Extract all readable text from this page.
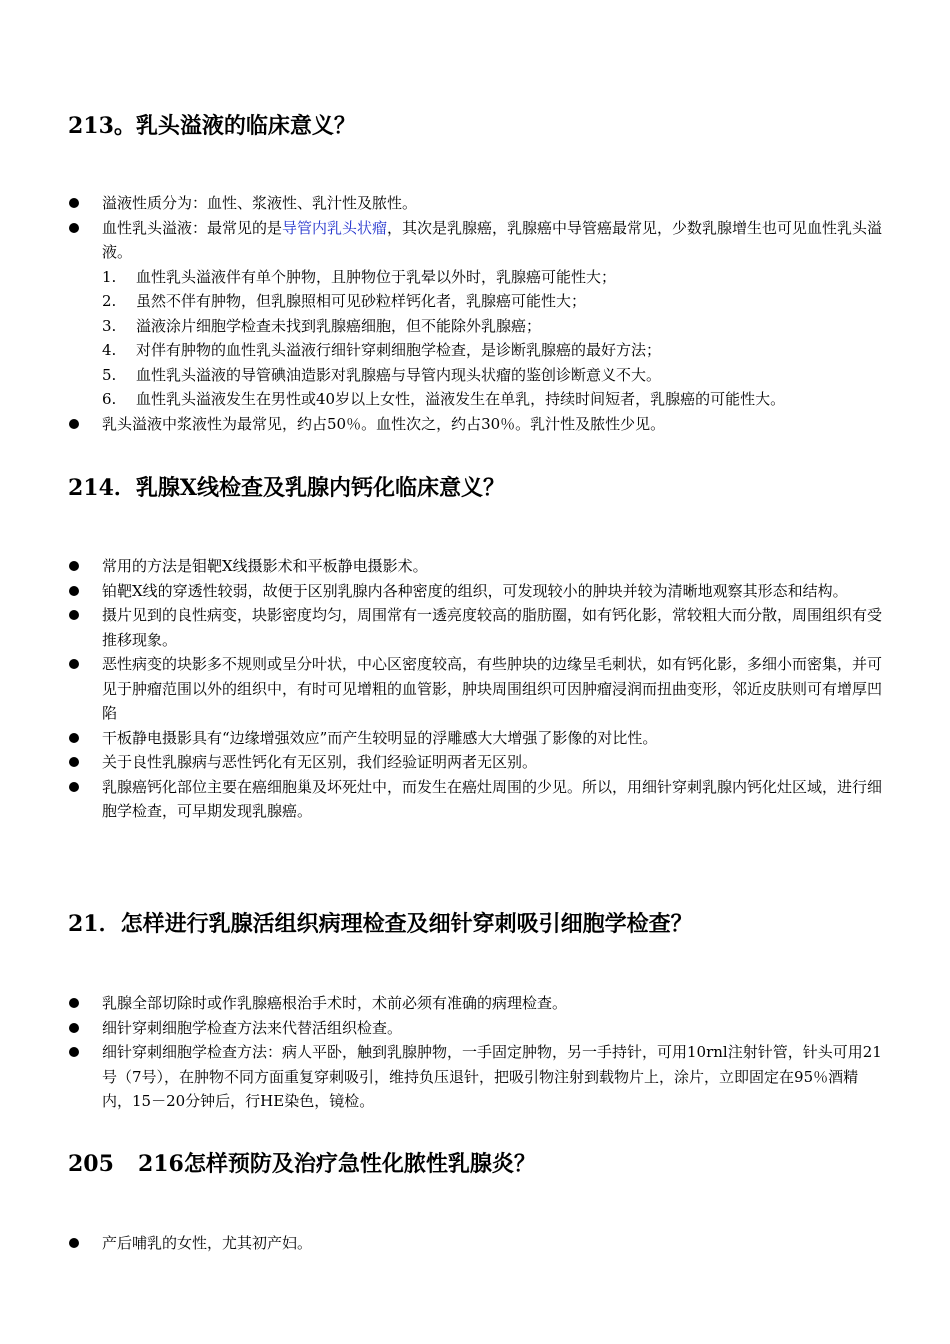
213。乳头溢液的临床意义？
溢液性质分为：血性、浆液性、乳汁性及脓性。
血性乳头溢液：最常见的是导管内乳头状瘤，其次是乳腺癌，乳腺癌中导管癌最常见，少数乳腺增生也可见血性乳头溢液。
1. 血性乳头溢液伴有单个肿物，且肿物位于乳晕以外时，乳腺癌可能性大；
2. 虽然不伴有肿物，但乳腺照相可见砂粒样钙化者，乳腺癌可能性大；
3. 溢液涂片细胞学检查未找到乳腺癌细胞，但不能除外乳腺癌；
4. 对伴有肿物的血性乳头溢液行细针穿刺细胞学检查，是诊断乳腺癌的最好方法；
5. 血性乳头溢液的导管碘油造影对乳腺癌与导管内现头状瘤的鉴创诊断意义不大。
6. 血性乳头溢液发生在男性或40岁以上女性，溢液发生在单乳，持续时间短者，乳腺癌的可能性大。
乳头溢液中浆液性为最常见，约占50％。血性次之，约占30％。乳汁性及脓性少见。
214．乳腺X线检查及乳腺内钙化临床意义？
常用的方法是钼靶X线摄影术和平板静电摄影术。
铂靶X线的穿透性较弱，故便于区别乳腺内各种密度的组织，可发现较小的肿块并较为清晰地观察其形态和结构。
摄片见到的良性病变，块影密度均匀，周围常有一透亮度较高的脂肪圈，如有钙化影，常较粗大而分散，周围组织有受推移现象。
恶性病变的块影多不规则或呈分叶状，中心区密度较高，有些肿块的边缘呈毛刺状，如有钙化影，多细小而密集，并可见于肿瘤范围以外的组织中，有时可见增粗的血管影，肿块周围组织可因肿瘤浸润而扭曲变形，邻近皮肤则可有增厚凹陷
干板静电摄影具有“边缘增强效应”而产生较明显的浮雕感大大增强了影像的对比性。
关于良性乳腺病与恶性钙化有无区别，我们经验证明两者无区别。
乳腺癌钙化部位主要在癌细胞巢及坏死灶中，而发生在癌灶周围的少见。所以，用细针穿刺乳腺内钙化灶区域，进行细胞学检查，可早期发现乳腺癌。
21．怎样进行乳腺活组织病理检查及细针穿刺吸引细胞学检查？
乳腺全部切除时或作乳腺癌根治手术时，术前必须有准确的病理检查。
细针穿刺细胞学检查方法来代替活组织检查。
细针穿刺细胞学检查方法：病人平卧，触到乳腺肿物，一手固定肿物，另一手持针，可用10rnl注射针管，针头可用21号（7号），在肿物不同方面重复穿刺吸引，维持负压退针，把吸引物注射到载物片上，涂片，立即固定在95％酒精内，15－20分钟后，行HE染色，镜检。
205 216怎样预防及治疗急性化脓性乳腺炎？
产后哺乳的女性，尤其初产妇。
